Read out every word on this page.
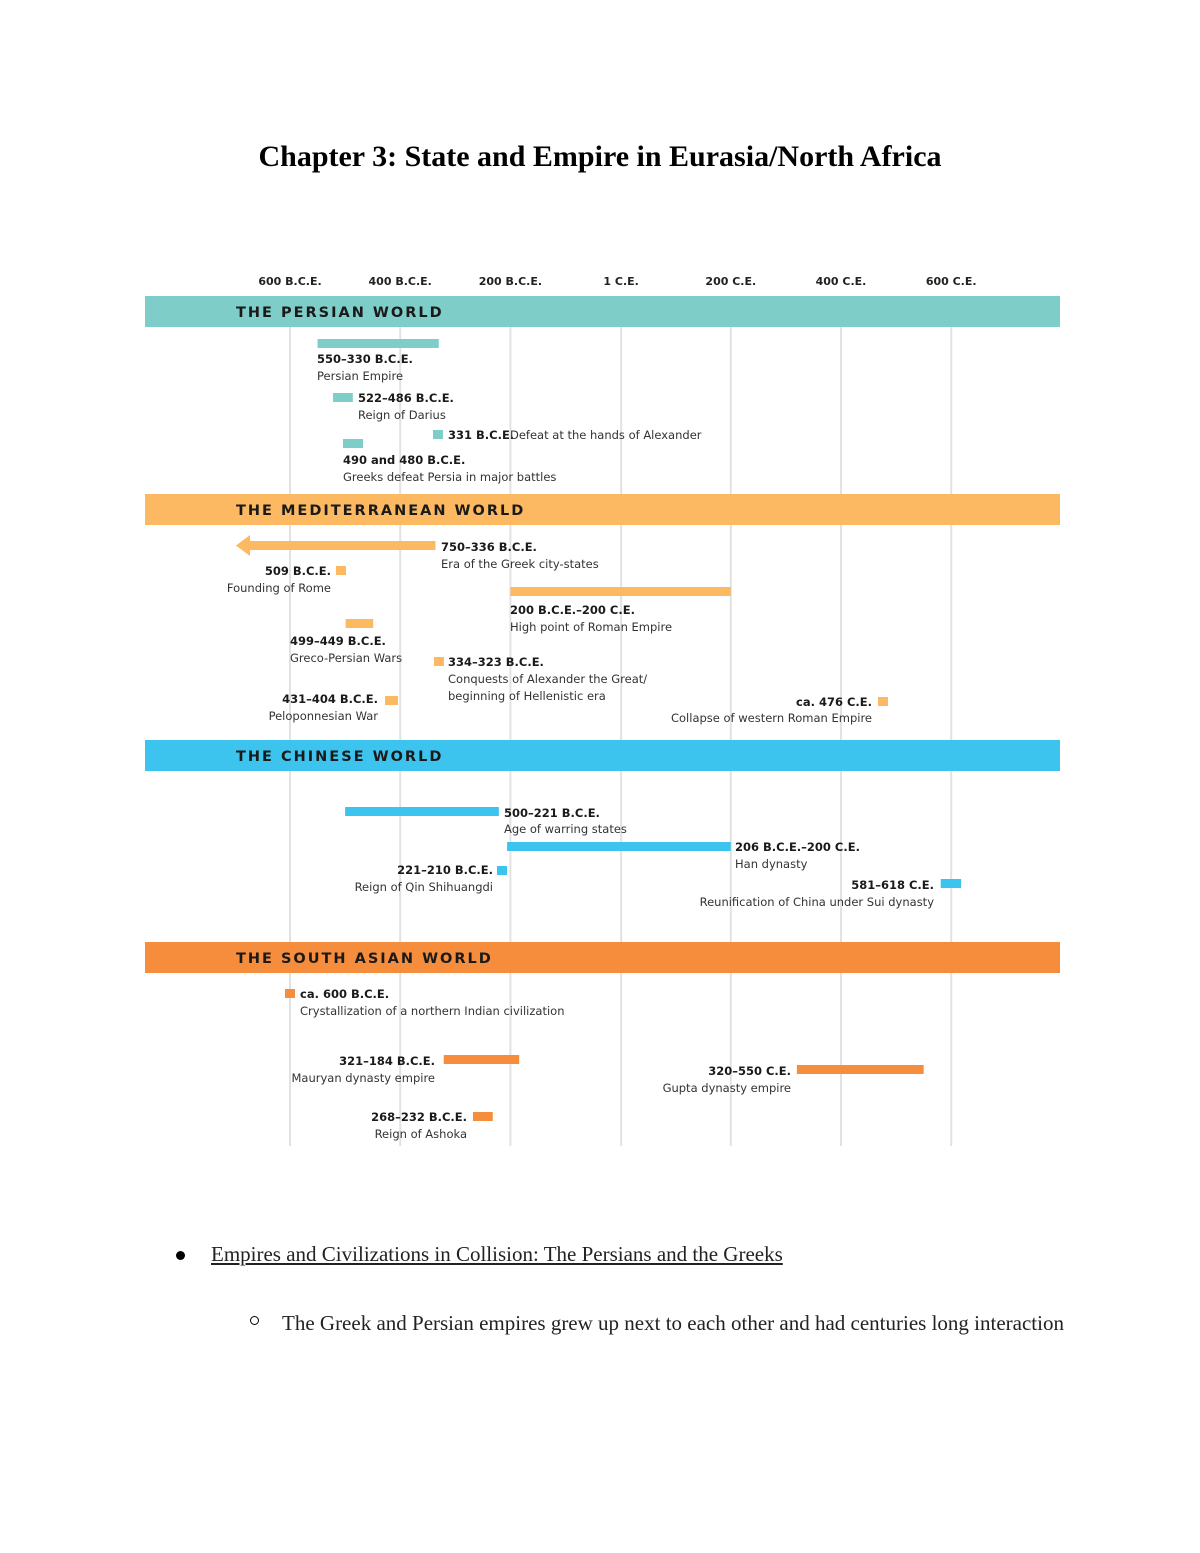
Chapter 3: State and Empire in Eurasia/North Africa
600 B.C.E.	400 B.C.E.	200 B.C.E.	1 C.E.	200 C.E.	400 C.E.	600 C.E.
THE PERSIAN WORLD
550–330 B.C.E.
Persian Empire
522–486 B.C.E.
Reign of Darius
331 B.C.E.
Defeat at the hands of Alexander
490 and 480 B.C.E.
Greeks defeat Persia in major battles
THE MEDITERRANEAN WORLD
750–336 B.C.E.
Era of the Greek city-states
509 B.C.E.
Founding of Rome
200 B.C.E.–200 C.E.
High point of Roman Empire
499–449 B.C.E.
Greco-Persian Wars	334–323 B.C.E.
Conquests of Alexander the Great/
beginning of Hellenistic era
431–404 B.C.E.
Peloponnesian War
ca. 476 C.E.
Collapse of western Roman Empire
THE CHINESE WORLD
500–221 B.C.E.
Age of warring states
206 B.C.E.–200 C.E.
Han dynasty
221–210 B.C.E.
Reign of Qin Shihuangdi	581–618 C.E.
Reunification of China under Sui dynasty
THE SOUTH ASIAN WORLD
ca. 600 B.C.E.
Crystallization of a northern Indian civilization
321–184 B.C.E.
Mauryan dynasty empire	320–550 C.E.
Gupta dynasty empire
268–232 B.C.E.
Reign of Ashoka
Empires and Civilizations in Collision: The Persians and the Greeks
The Greek and Persian empires grew up next to each other and had centuries long interaction
